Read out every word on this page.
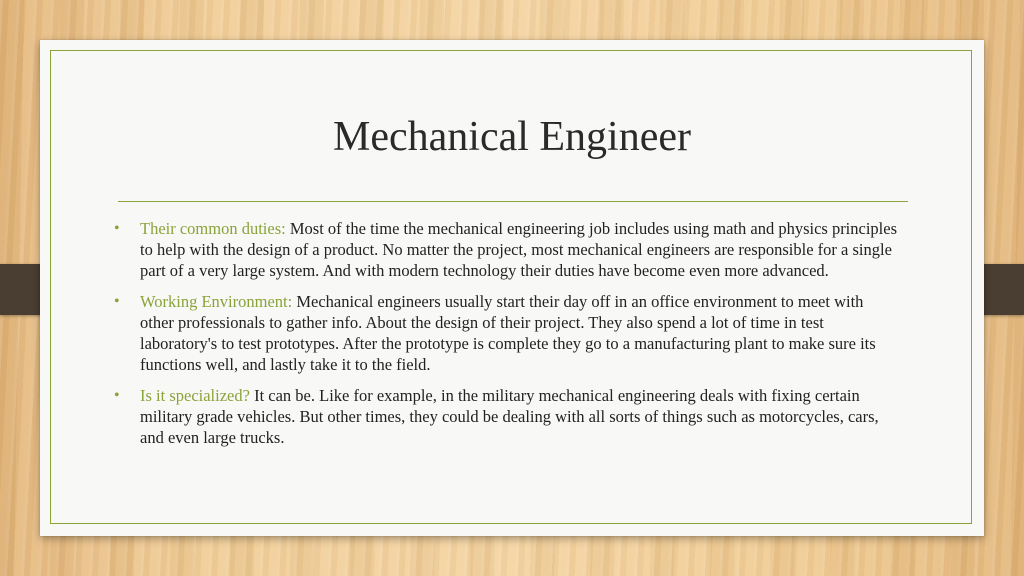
Mechanical Engineer
• Their common duties: Most of the time the mechanical engineering job includes using math and physics principles to help with the design of a product. No matter the project, most mechanical engineers are responsible for a single part of a very large system. And with modern technology their duties have become even more advanced.
• Working Environment: Mechanical engineers usually start their day off in an office environment to meet with other professionals to gather info. About the design of their project. They also spend a lot of time in test laboratory's to test prototypes. After the prototype is complete they go to a manufacturing plant to make sure its functions well, and lastly take it to the field.
• Is it specialized? It can be. Like for example, in the military mechanical engineering deals with fixing certain military grade vehicles. But other times, they could be dealing with all sorts of things such as motorcycles, cars, and even large trucks.
